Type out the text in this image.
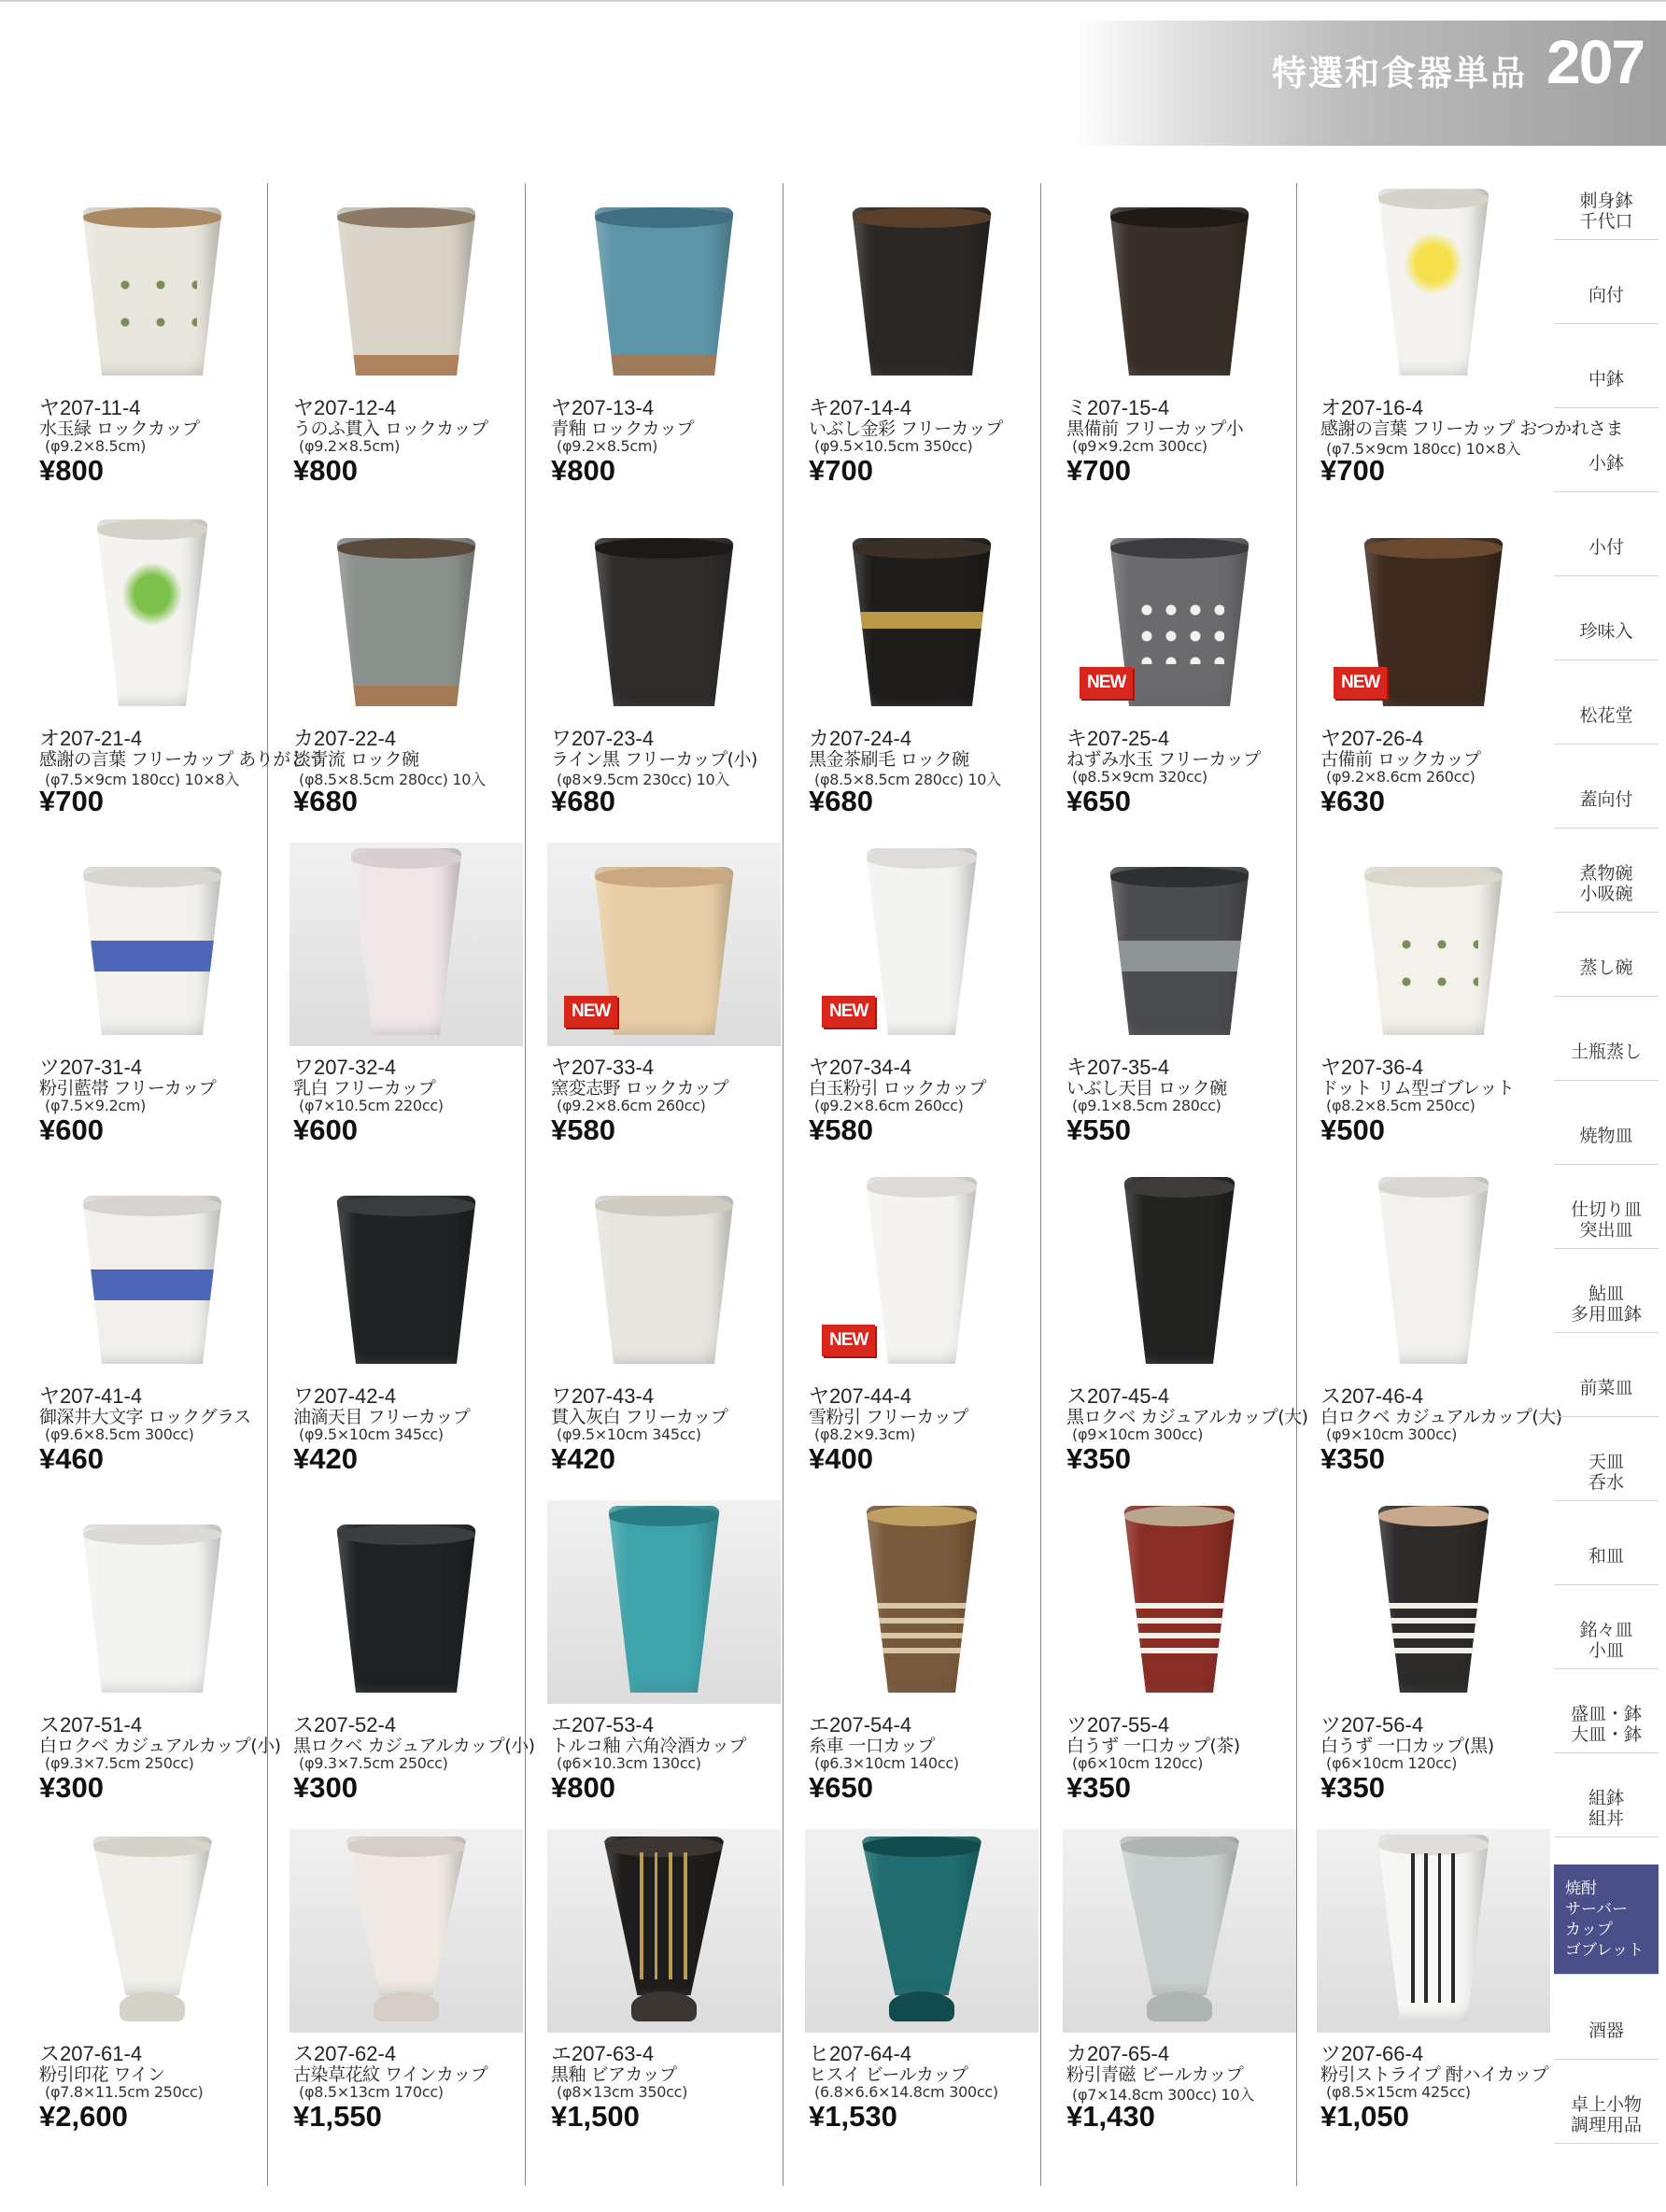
特選和食器単品 207
ヤ207-11-4
水玉緑 ロックカップ
(φ9.2×8.5cm)
¥800
ヤ207-12-4
うのふ貫入 ロックカップ
(φ9.2×8.5cm)
¥800
ヤ207-13-4
青釉 ロックカップ
(φ9.2×8.5cm)
¥800
キ207-14-4
いぶし金彩 フリーカップ
(φ9.5×10.5cm 350cc)
¥700
ミ207-15-4
黒備前 フリーカップ小
(φ9×9.2cm 300cc)
¥700
オ207-16-4
感謝の言葉 フリーカップ おつかれさま
(φ7.5×9cm 180cc) 10×8入
¥700
オ207-21-4
感謝の言葉 フリーカップ ありがとう
(φ7.5×9cm 180cc) 10×8入
¥700
カ207-22-4
淡青流 ロック碗
(φ8.5×8.5cm 280cc) 10入
¥680
ワ207-23-4
ライン黒 フリーカップ(小)
(φ8×9.5cm 230cc) 10入
¥680
カ207-24-4
黒金茶刷毛 ロック碗
(φ8.5×8.5cm 280cc) 10入
¥680
NEW
キ207-25-4
ねずみ水玉 フリーカップ
(φ8.5×9cm 320cc)
¥650
NEW
ヤ207-26-4
古備前 ロックカップ
(φ9.2×8.6cm 260cc)
¥630
ツ207-31-4
粉引藍帯 フリーカップ
(φ7.5×9.2cm)
¥600
ワ207-32-4
乳白 フリーカップ
(φ7×10.5cm 220cc)
¥600
NEW
ヤ207-33-4
窯変志野 ロックカップ
(φ9.2×8.6cm 260cc)
¥580
NEW
ヤ207-34-4
白玉粉引 ロックカップ
(φ9.2×8.6cm 260cc)
¥580
キ207-35-4
いぶし天目 ロック碗
(φ9.1×8.5cm 280cc)
¥550
ヤ207-36-4
ドット リム型ゴブレット
(φ8.2×8.5cm 250cc)
¥500
ヤ207-41-4
御深井大文字 ロックグラス
(φ9.6×8.5cm 300cc)
¥460
ワ207-42-4
油滴天目 フリーカップ
(φ9.5×10cm 345cc)
¥420
ワ207-43-4
貫入灰白 フリーカップ
(φ9.5×10cm 345cc)
¥420
NEW
ヤ207-44-4
雪粉引 フリーカップ
(φ8.2×9.3cm)
¥400
ス207-45-4
黒ロクベ カジュアルカップ(大)
(φ9×10cm 300cc)
¥350
ス207-46-4
白ロクベ カジュアルカップ(大)
(φ9×10cm 300cc)
¥350
ス207-51-4
白ロクベ カジュアルカップ(小)
(φ9.3×7.5cm 250cc)
¥300
ス207-52-4
黒ロクベ カジュアルカップ(小)
(φ9.3×7.5cm 250cc)
¥300
エ207-53-4
トルコ釉 六角冷酒カップ
(φ6×10.3cm 130cc)
¥800
エ207-54-4
糸車 一口カップ
(φ6.3×10cm 140cc)
¥650
ツ207-55-4
白うず 一口カップ(茶)
(φ6×10cm 120cc)
¥350
ツ207-56-4
白うず 一口カップ(黒)
(φ6×10cm 120cc)
¥350
ス207-61-4
粉引印花 ワイン
(φ7.8×11.5cm 250cc)
¥2,600
ス207-62-4
古染草花紋 ワインカップ
(φ8.5×13cm 170cc)
¥1,550
エ207-63-4
黒釉 ビアカップ
(φ8×13cm 350cc)
¥1,500
ヒ207-64-4
ヒスイ ビールカップ
(6.8×6.6×14.8cm 300cc)
¥1,530
カ207-65-4
粉引青磁 ビールカップ
(φ7×14.8cm 300cc) 10入
¥1,430
ツ207-66-4
粉引ストライプ 酎ハイカップ
(φ8.5×15cm 425cc)
¥1,050
刺身鉢
千代口
向付
中鉢
小鉢
小付
珍味入
松花堂
蓋向付
煮物碗
小吸碗
蒸し碗
土瓶蒸し
焼物皿
仕切り皿
突出皿
鮎皿
多用皿鉢
前菜皿
天皿
呑水
和皿
銘々皿
小皿
盛皿・鉢
大皿・鉢
組鉢
組丼
焼酎
サーバー
カップ
ゴブレット
酒器
卓上小物
調理用品
